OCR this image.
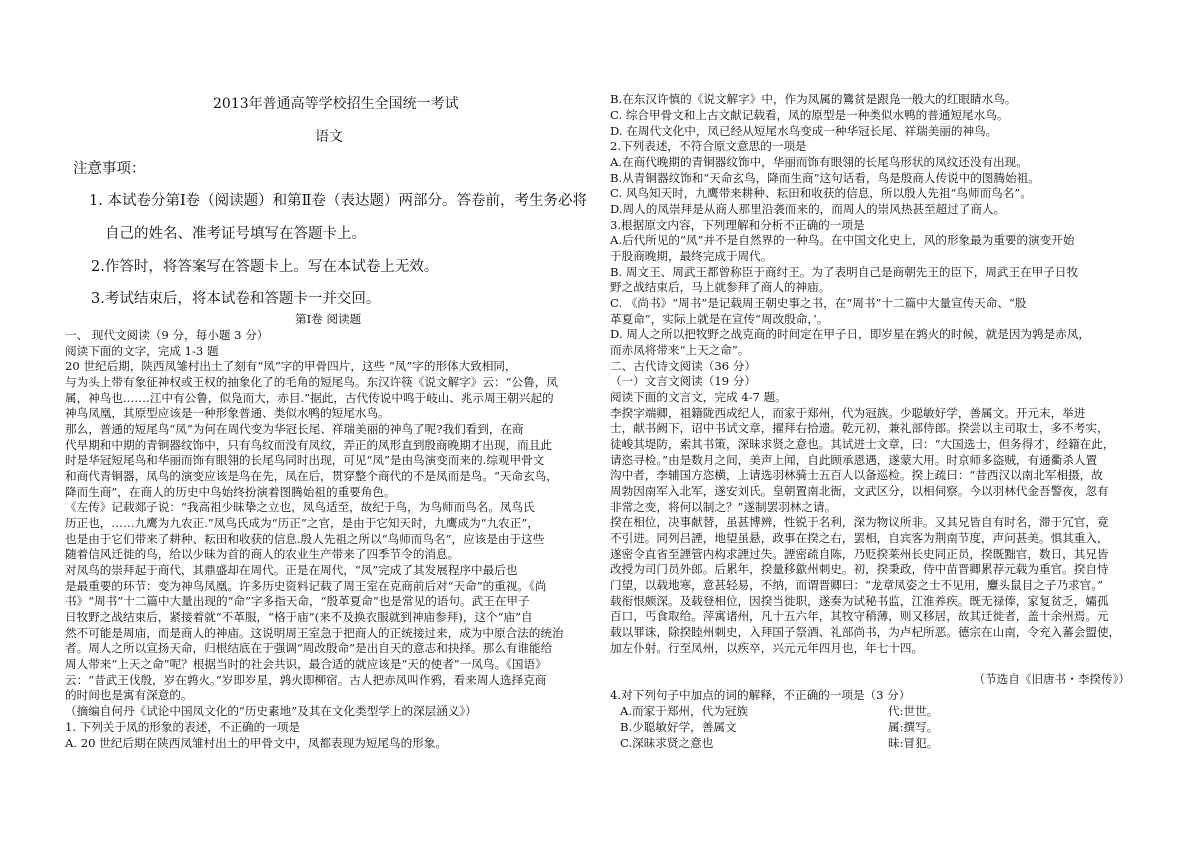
2013年普通高等学校招生全国统一考试
语文
注意事项：
1. 本试卷分第Ⅰ卷（阅读题）和第Ⅱ卷（表达题）两部分。答卷前，考生务必将
自己的姓名、准考证号填写在答题卡上。
2.作答时，将答案写在答题卡上。写在本试卷上无效。
3.考试结束后，将本试卷和答题卡一并交回。
第Ⅰ卷 阅读题
一、 现代文阅读（9 分，每小题 3 分）
阅读下面的文字，完成 1-3 题
20 世纪后期，陕西凤雏村出土了刻有“凤”字的甲骨四片，这些 “凤”字的形体大致相同，
与为头上带有象征神权或王权的抽象化了的毛角的短尾鸟。东汉许筷《说文解字》云：“公鲁，凤
属，神鸟也.……江中有公鲁，似凫而大，赤目.”据此，古代传说中鸣于岐山、兆示周王朝兴起的
神鸟凤凰，其原型应该是一种形象普通、类似水鸭的短尾水鸟。
那么，普通的短尾鸟“凤”为何在周代变为华冠长尾、祥瑞美丽的神鸟了呢?我们看到，在商
代早期和中期的青铜器纹饰中，只有鸟纹而没有凤纹，弄正的凤形直到殷商晚期才出现，而且此
时是华冠短尾鸟和华丽而饰有眼翎的长尾鸟同时出现，可见“凤”是由鸟演变而来的.综观甲骨文
和商代青铜器，凤鸟的演变应该是鸟在先，凤在后，贯穿整个商代的不是凤而是鸟。“天命玄鸟，
降而生商”，在商人的历史中鸟始终扮演着图腾始祖的重要角色。
《左传》记载郯子说：“我高祖少昧挚之立也，凤鸟适至，故纪于鸟，为鸟师而鸟名。凤鸟氏
历正也，……九鹰为九农正.”凤鸟氏成为“历正”之官，是由于它知天时，九鹰成为“九农正”，
也是由于它们带来了耕种、耘田和收获的信息.殷人先祖之所以“鸟师而鸟名”，应该是由于这些
随着信风迁徙的鸟，给以少昧为首的商人的农业生产带来了四季节令的消息。
对凤鸟的崇拜起于商代，其鼎盛却在周代。正是在周代，“凤”完成了其发展程序中最后也
是最重要的环节：变为神鸟凤凰。许多历史资料记载了周王室在克商前后对“天命”的重视。《尚
书》“周书”十二篇中大量出现的“命”字多指天命，“殷革夏命”也是常见的语句。武王在甲子
日牧野之战结束后，紧接着就“不革服，“格于庙”(来不及换衣服就到神庙参拜)，这个“庙”自
然不可能是周庙，而是商人的神庙。这说明周王室急于把商人的正统接过来，成为中原合法的统治
者。周人之所以宣扬天命，归根结底在于强调“周改殷命”是出自天的意志和抉择。那么有谁能给
周人带来“上天之命”呢？根据当时的社会共识，最合适的就应该是“天的使者”一凤鸟。《国语》
云：“昔武王伐殷，岁在鹑火。”岁即岁星，鹑火即柳宿。古人把赤凤叫作鸦，看来周人选择克商
的时间也是寓有深意的。
（摘编自何丹《试论中国凤文化的“历史素地”及其在文化类型学上的深层涵义》）
1. 下列关于凤的形象的表述，不正确的一项是
A. 20 世纪后期在陕西凤雏村出土的甲骨文中，凤都表现为短尾鸟的形象。
B.在东汉许慎的《说文解字》中，作为凤属的鷟贫是跟凫一般大的红眼睛水鸟。
C. 综合甲骨文和上古文献记载看，凤的原型是一种类似水鸭的普通短尾水鸟。
D. 在周代文化中，凤已经从短尾水鸟变成一种华冠长尾、祥瑞美丽的神鸟。
2.下列表述，不符合原文意思的一项是
A.在商代晚期的青铜器纹饰中，华丽而饰有眼翎的长尾鸟形状的凤纹还没有出现。
B.从青铜器纹饰和“天命玄鸟，降而生商”这句话看，鸟是殷商人传说中的图腾始祖。
C. 风鸟知天时，九鹰带来耕种、耘田和收获的信息，所以殷人先祖“鸟师而鸟名”。
D.周人的凤崇拜是从商人那里沿袭而来的，而周人的崇风热甚至超过了商人。
3.根据原文内容，下列理解和分析不正确的一项是
A.后代所见的“凤”并不是自然界的一种鸟。在中国文化史上，风的形象最为重要的演变开始
于股商晚期，最终完成于周代。
B. 周文王、周武王都曾称臣于商纣王。为了表明自己是商朝先王的臣下，周武王在甲子日牧
野之战结束后，马上就参拜了商人的神庙。
C. 《尚书》“周书”是记载周王朝史事之书，在“周书”十二篇中大量宣传天命、“股
革夏命”，实际上就是在宣传“周改殷命，’。
D. 周人之所以把牧野之战克商的时间定在甲子日，即岁星在鹑火的时候，就是因为鹑是赤凤，
而赤凤将带来“上天之命”。
二、古代诗文阅读（36 分）
（一）文言文阅读（19 分）
阅读下面的文言文，完成 4-7 题。
李揆字端卿，祖籍陇西成纪人，而家于郑州，代为冠族。少聪敏好学，善属文。开元末，举进
士，献书阙下，诏中书试文章，擢拜右拾遗。乾元初，兼礼部侍郎。揆尝以主司取士，多不考实，
徒峻其堤防，索其书策，深昧求贤之意也。其试进士文章，曰：“大国选士，但务得才，经籍在此，
请恣寻检。”由是数月之间，美声上闻，自此顾承恩遇，遂蒙大用。时京师多盗贼，有通衢杀人置
沟中者，李辅国方恣横，上请选羽林骑士五百人以备巡检。揆上疏曰：“昔西汉以南北军相摄，故
周勃因南军入北军，遂安刘氏。皇朝置南北衙，文武区分，以相伺察。今以羽林代金吾警夜，忽有
非常之变，将何以制之？”遂制罢羽林之请。
揆在相位，决事献替，虽甚博辨，性锐于名利，深为物议所非。又其兄皆自有时名，滞于冗官，竟
不引进。同列吕諲，地望虽悬，政事在揆之右，罢相，自宾客为荆南节度，声问甚美。惧其重入，
遂密令直省至諲管内构求諲过失。諲密疏自陈，乃贬揆莱州长史同正员，揆既黜官，数日，其兄皆
改授为司门员外郎。后累年，揆量移歙州刺史。初，揆秉政，侍中苗晋卿累荐元载为重官。揆自恃
门望，以载地寒，意甚轻易，不纳，而谓晋卿曰：“龙章凤姿之士不见用，麞头鼠目之子乃求官。”
载衔恨颇深。及载登相位，因揆当徙职，遂奏为试秘书监，江淮养疾。既无禄俸，家复贫乏，孀孤
百口，丐食取给。萍寓诸州，凡十五六年，其牧守稍薄，则又移居，故其迁徙者，盖十余州焉。元
载以罪诛，除揆睦州刺史，入拜国子祭酒、礼部尚书，为卢杞所恶。德宗在山南，令充入蕃会盟使，
加左仆射。行至凤州，以疾卒，兴元元年四月也，年七十四。
（节选自《旧唐书・李揆传》）
4.对下列句子中加点的词的解释，不正确的一项是（3 分）
A.而家于郑州，代为冠族	代:世世。
B.少聪敏好学，善属文	属:撰写。
C.深昧求贤之意也	昧:冒犯。
